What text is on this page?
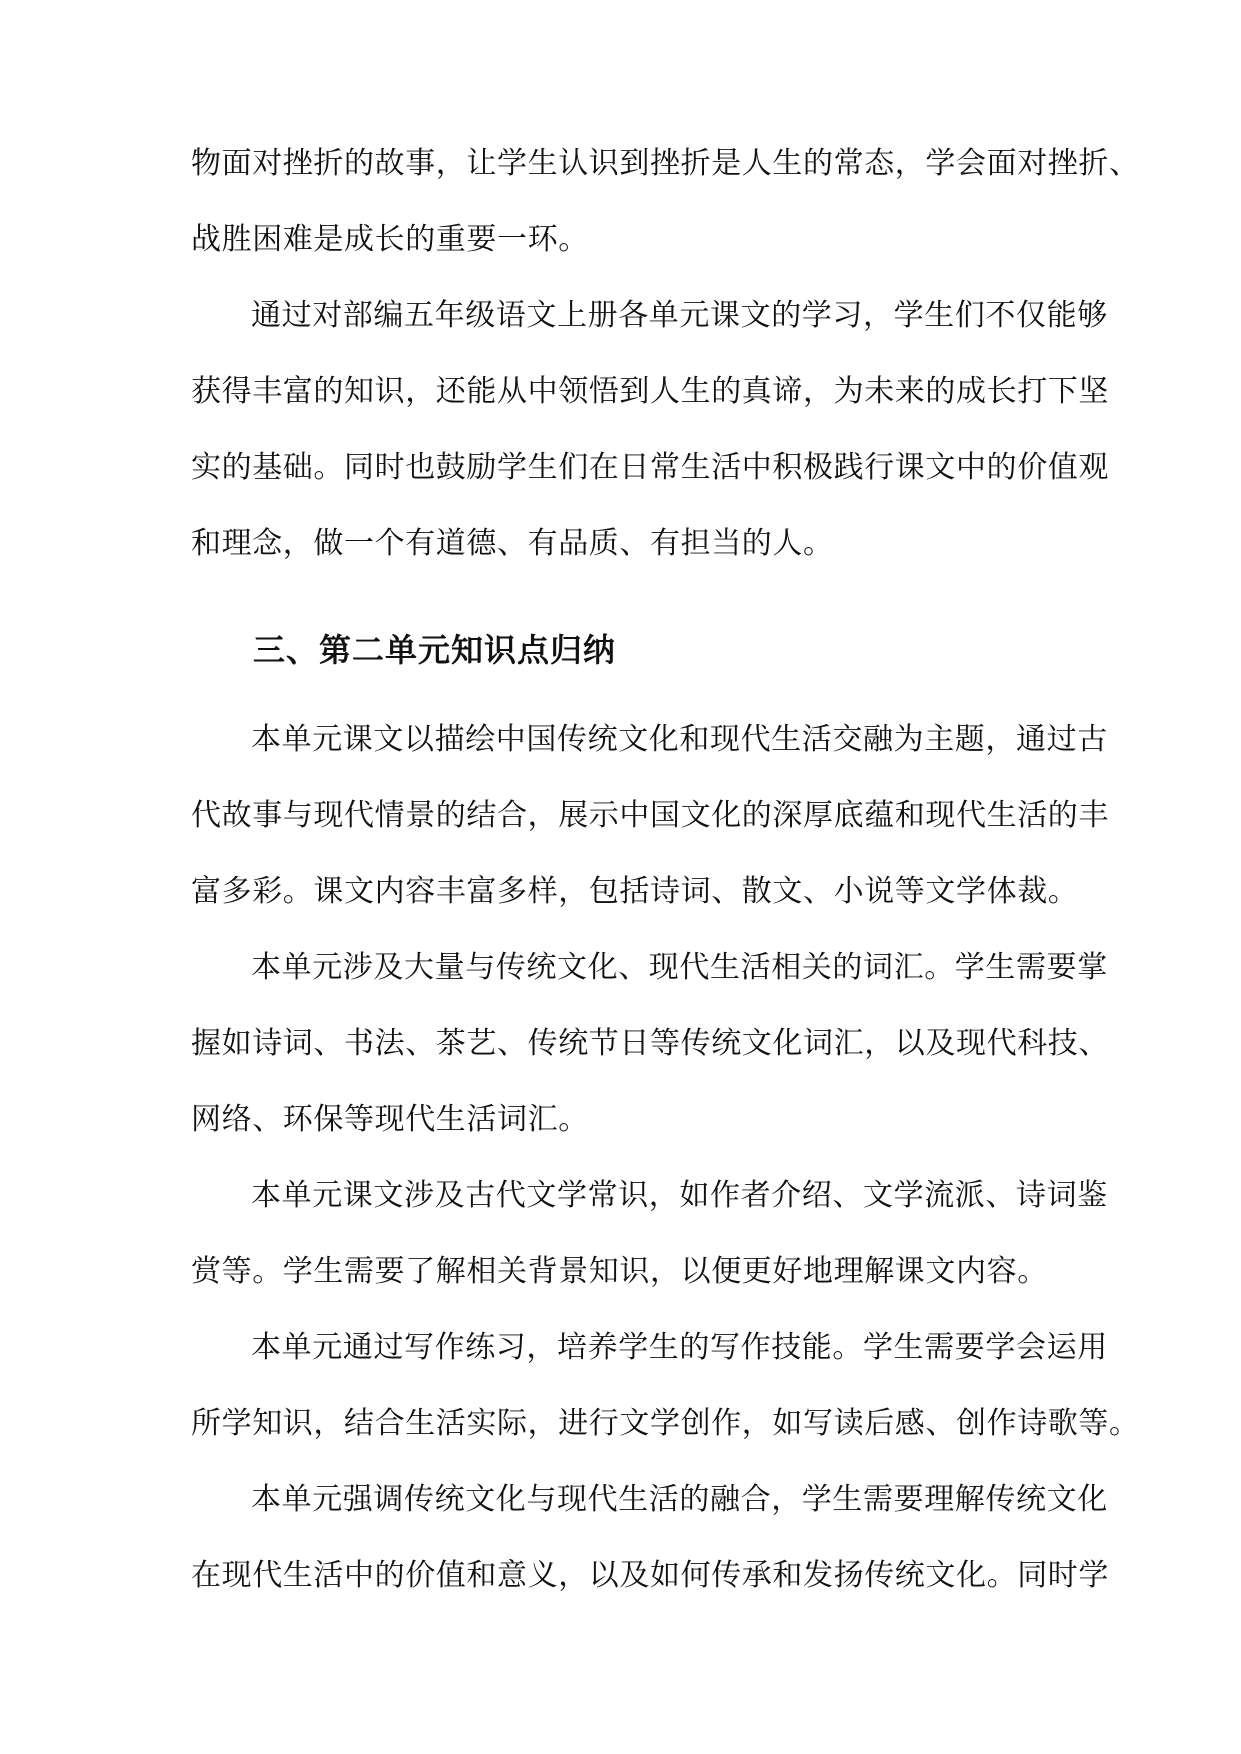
物面对挫折的故事，让学生认识到挫折是人生的常态，学会面对挫折、
战胜困难是成长的重要一环。
通过对部编五年级语文上册各单元课文的学习，学生们不仅能够
获得丰富的知识，还能从中领悟到人生的真谛，为未来的成长打下坚
实的基础。同时也鼓励学生们在日常生活中积极践行课文中的价值观
和理念，做一个有道德、有品质、有担当的人。
三、第二单元知识点归纳
本单元课文以描绘中国传统文化和现代生活交融为主题，通过古
代故事与现代情景的结合，展示中国文化的深厚底蕴和现代生活的丰
富多彩。课文内容丰富多样，包括诗词、散文、小说等文学体裁。
本单元涉及大量与传统文化、现代生活相关的词汇。学生需要掌
握如诗词、书法、茶艺、传统节日等传统文化词汇，以及现代科技、
网络、环保等现代生活词汇。
本单元课文涉及古代文学常识，如作者介绍、文学流派、诗词鉴
赏等。学生需要了解相关背景知识，以便更好地理解课文内容。
本单元通过写作练习，培养学生的写作技能。学生需要学会运用
所学知识，结合生活实际，进行文学创作，如写读后感、创作诗歌等。
本单元强调传统文化与现代生活的融合，学生需要理解传统文化
在现代生活中的价值和意义，以及如何传承和发扬传统文化。同时学
